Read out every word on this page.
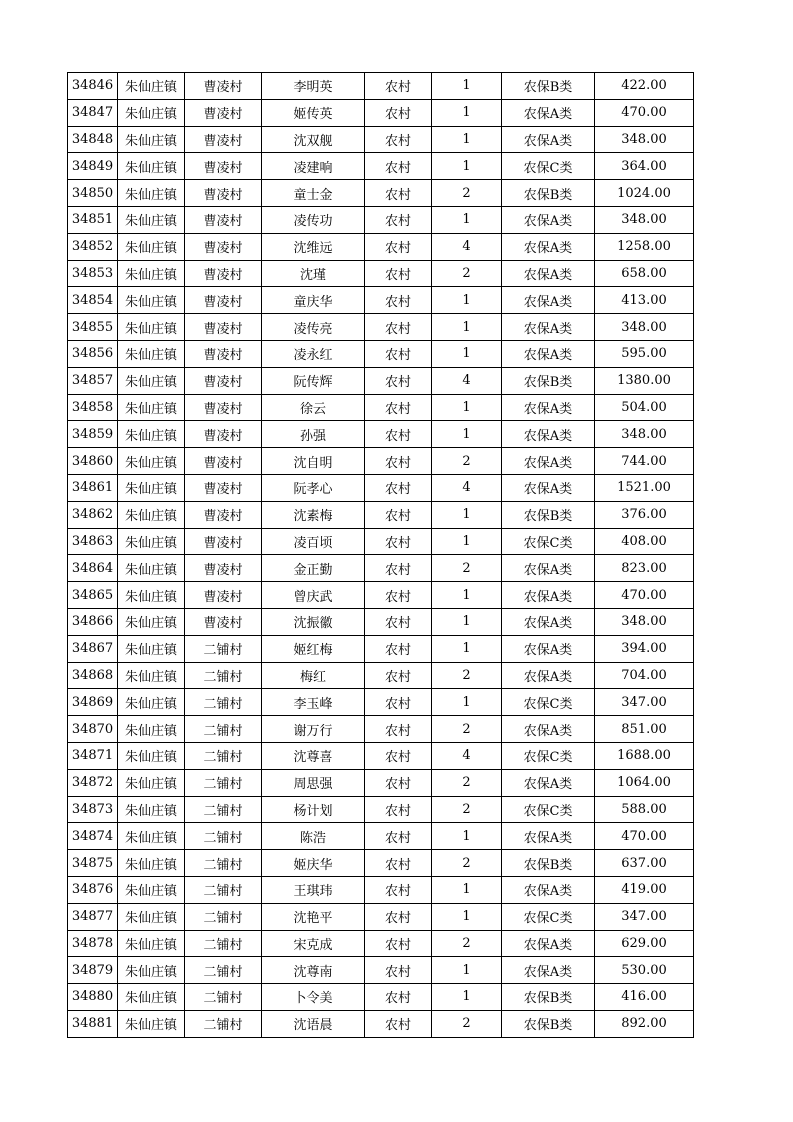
34846	朱仙庄镇	曹凌村	李明英	农村	1	农保B类	422.00
34847	朱仙庄镇	曹凌村	姬传英	农村	1	农保A类	470.00
34848	朱仙庄镇	曹凌村	沈双舰	农村	1	农保A类	348.00
34849	朱仙庄镇	曹凌村	凌建响	农村	1	农保C类	364.00
34850	朱仙庄镇	曹凌村	童士金	农村	2	农保B类	1024.00
34851	朱仙庄镇	曹凌村	凌传功	农村	1	农保A类	348.00
34852	朱仙庄镇	曹凌村	沈维远	农村	4	农保A类	1258.00
34853	朱仙庄镇	曹凌村	沈瑾	农村	2	农保A类	658.00
34854	朱仙庄镇	曹凌村	童庆华	农村	1	农保A类	413.00
34855	朱仙庄镇	曹凌村	凌传亮	农村	1	农保A类	348.00
34856	朱仙庄镇	曹凌村	凌永红	农村	1	农保A类	595.00
34857	朱仙庄镇	曹凌村	阮传辉	农村	4	农保B类	1380.00
34858	朱仙庄镇	曹凌村	徐云	农村	1	农保A类	504.00
34859	朱仙庄镇	曹凌村	孙强	农村	1	农保A类	348.00
34860	朱仙庄镇	曹凌村	沈自明	农村	2	农保A类	744.00
34861	朱仙庄镇	曹凌村	阮孝心	农村	4	农保A类	1521.00
34862	朱仙庄镇	曹凌村	沈素梅	农村	1	农保B类	376.00
34863	朱仙庄镇	曹凌村	凌百顷	农村	1	农保C类	408.00
34864	朱仙庄镇	曹凌村	金正勤	农村	2	农保A类	823.00
34865	朱仙庄镇	曹凌村	曾庆武	农村	1	农保A类	470.00
34866	朱仙庄镇	曹凌村	沈振徽	农村	1	农保A类	348.00
34867	朱仙庄镇	二铺村	姬红梅	农村	1	农保A类	394.00
34868	朱仙庄镇	二铺村	梅红	农村	2	农保A类	704.00
34869	朱仙庄镇	二铺村	李玉峰	农村	1	农保C类	347.00
34870	朱仙庄镇	二铺村	谢万行	农村	2	农保A类	851.00
34871	朱仙庄镇	二铺村	沈尊喜	农村	4	农保C类	1688.00
34872	朱仙庄镇	二铺村	周思强	农村	2	农保A类	1064.00
34873	朱仙庄镇	二铺村	杨计划	农村	2	农保C类	588.00
34874	朱仙庄镇	二铺村	陈浩	农村	1	农保A类	470.00
34875	朱仙庄镇	二铺村	姬庆华	农村	2	农保B类	637.00
34876	朱仙庄镇	二铺村	王琪玮	农村	1	农保A类	419.00
34877	朱仙庄镇	二铺村	沈艳平	农村	1	农保C类	347.00
34878	朱仙庄镇	二铺村	宋克成	农村	2	农保A类	629.00
34879	朱仙庄镇	二铺村	沈尊南	农村	1	农保A类	530.00
34880	朱仙庄镇	二铺村	卜令美	农村	1	农保B类	416.00
34881	朱仙庄镇	二铺村	沈语晨	农村	2	农保B类	892.00
